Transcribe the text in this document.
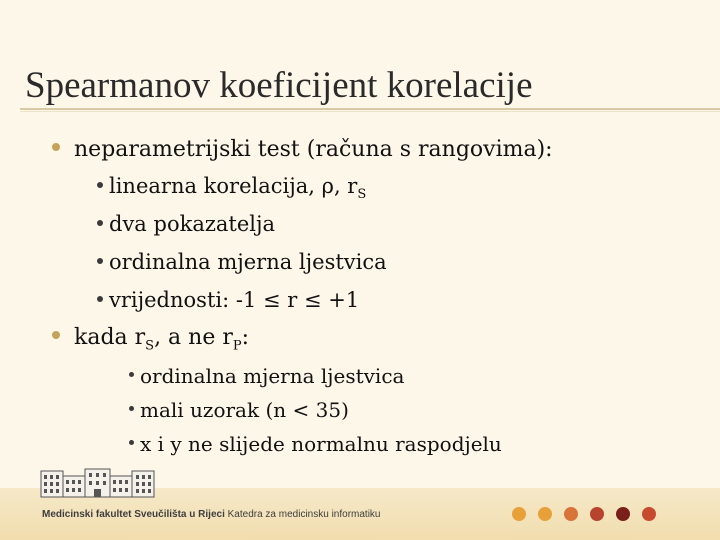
Spearmanov koeficijent korelacije
neparametrijski test (računa s rangovima):
linearna korelacija, ρ, $r_S$
dva pokazatelja
ordinalna mjerna ljestvica
vrijednosti: -1 ≤ r ≤ +1
kada $r_S$, a ne $r_P$:
ordinalna mjerna ljestvica
mali uzorak (n < 35)
x i y ne slijede normalnu raspodjelu
Medicinski fakultet Sveučilišta u Rijeci Katedra za medicinsku informatiku
